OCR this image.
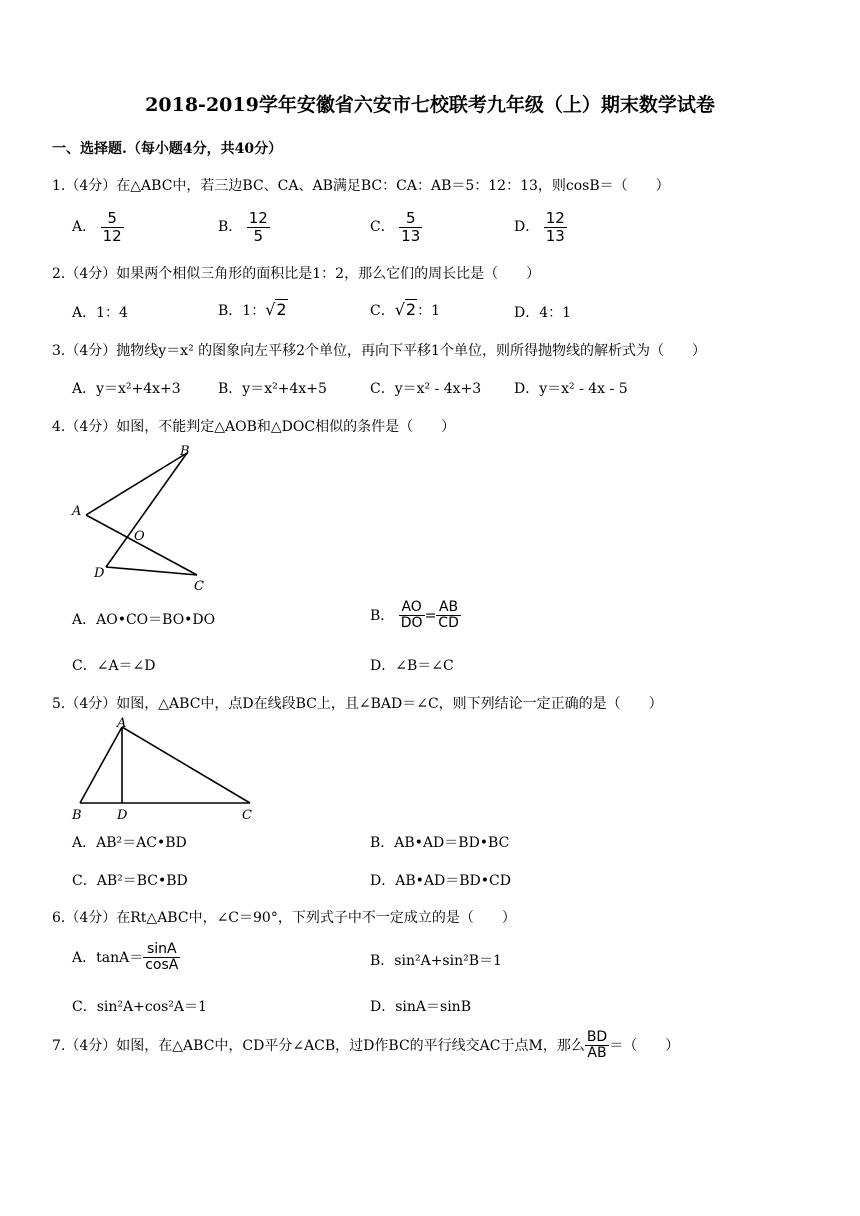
2018-2019学年安徽省六安市七校联考九年级（上）期末数学试卷
一、选择题.（每小题4分，共40分）
1.（4分）在△ABC中，若三边BC、CA、AB满足BC：CA：AB＝5：12：13，则cosB＝（　　）
A． $\frac{5}{12}$	B． $\frac{12}{5}$	C． $\frac{5}{13}$	D． $\frac{12}{13}$
2.（4分）如果两个相似三角形的面积比是1：2，那么它们的周长比是（　　）
A．1：4	B．1：√2	C．√2：1	D．4：1
3.（4分）抛物线y＝x² 的图象向左平移2个单位，再向下平移1个单位，则所得抛物线的解析式为（　　）
A．y＝x²+4x+3	B．y＝x²+4x+5	C．y＝x² - 4x+3 D．y＝x² - 4x - 5
4.（4分）如图，不能判定△AOB和△DOC相似的条件是（　　）
B
A
O
D
C
A．AO•CO＝BO•DO	B． $\frac{AO}{DO} = \frac{AB}{CD}$
C．∠A＝∠D	D．∠B＝∠C
5.（4分）如图，△ABC中，点D在线段BC上，且∠BAD＝∠C，则下列结论一定正确的是（　　）
A
B	D	C
A．AB²＝AC•BD	B．AB•AD＝BD•BC
C．AB²＝BC•BD	D．AB•AD＝BD•CD
6.（4分）在Rt△ABC中，∠C＝90°，下列式子中不一定成立的是（　　）
A．$\tan A= \frac{\sin A}{\cos A}$	B．sin²A+sin²B＝1
C．sin²A+cos²A＝1	D．sinA＝sinB
7.（4分）如图，在△ABC中，CD平分∠ACB，过D作BC的平行线交AC于点M，那么 $\frac{BD}{AB}$ ＝（　　）
